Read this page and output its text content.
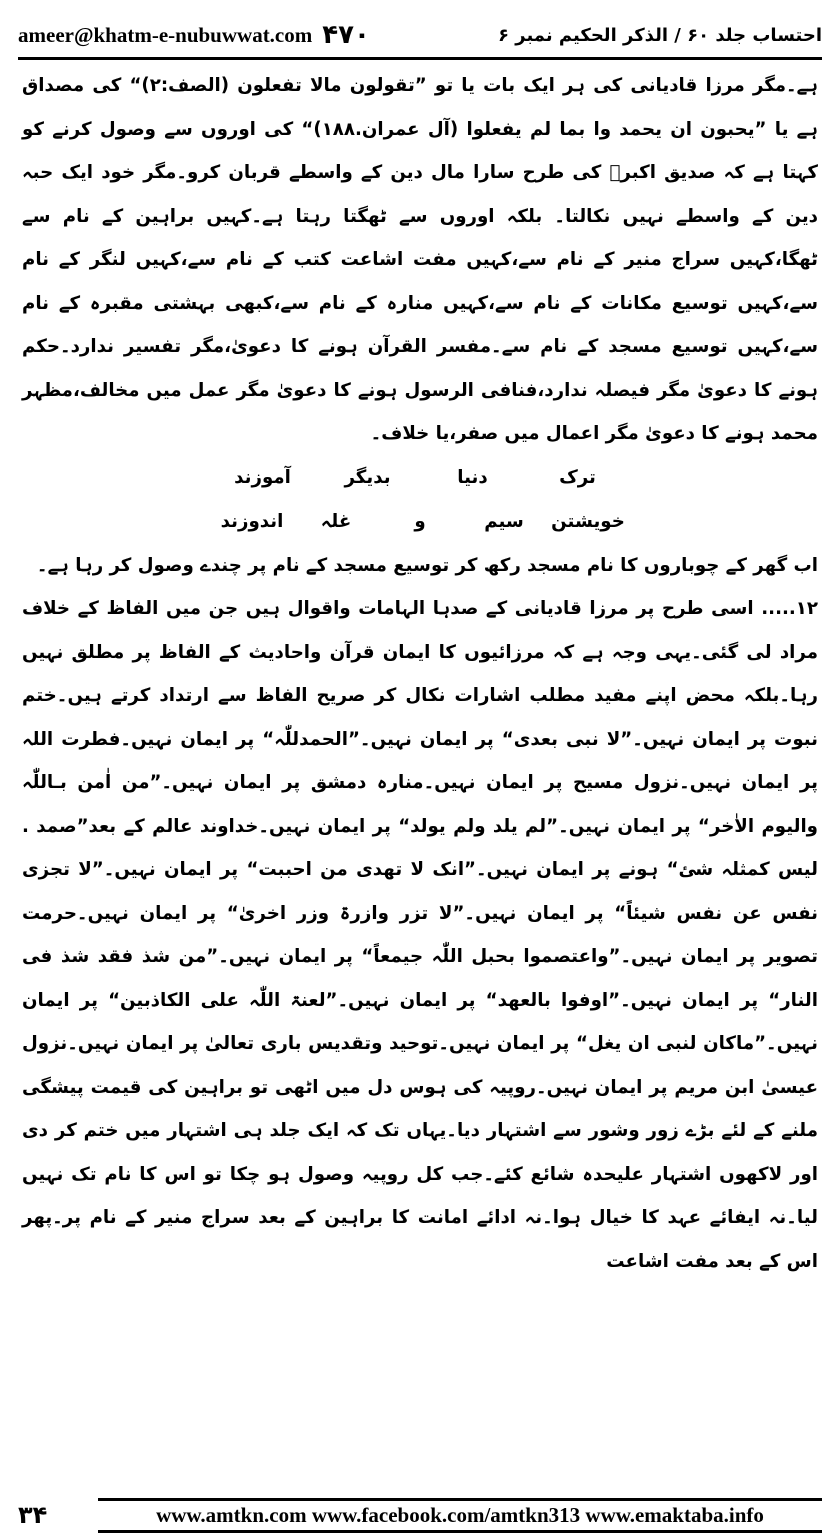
ameer@khatm-e-nubuwwat.com ۴۷۰	احتساب جلد ۶۰ / الذکر الحکیم نمبر ۶

ہے۔مگر مرزا قادیانی کی ہر ایک بات یا تو ”تقولون مالا تفعلون (الصف:۲)“ کی مصداق ہے یا ”یحبون ان یحمد وا بما لم یفعلوا (آل عمران.۱۸۸)“ کی اوروں سے وصول کرنے کو کہتا ہے کہ صدیق اکبرؓ کی طرح سارا مال دین کے واسطے قربان کرو۔مگر خود ایک حبہ دین کے واسطے نہیں نکالتا۔ بلکہ اوروں سے ٹھگتا رہتا ہے۔کہیں براہین کے نام سے ٹھگا،کہیں سراج منیر کے نام سے،کہیں مفت اشاعت کتب کے نام سے،کہیں لنگر کے نام سے،کہیں توسیع مکانات کے نام سے،کہیں منارہ کے نام سے،کبھی بہشتی مقبرہ کے نام سے،کہیں توسیع مسجد کے نام سے۔مفسر القرآن ہونے کا دعویٰ،مگر تفسیر ندارد۔حکم ہونے کا دعویٰ مگر فیصلہ ندارد،فنافی الرسول ہونے کا دعویٰ مگر عمل میں مخالف،مظہر محمد ہونے کا دعویٰ مگر اعمال میں صفر،یا خلاف۔

ترک
دنیا
بدیگر
آموزند
خویشتن
سیم
و
غلہ
اندوزند

اب گھر کے چوباروں کا نام مسجد رکھ کر توسیع مسجد کے نام پر چندے وصول کر رہا ہے۔

۱۲..... اسی طرح پر مرزا قادیانی کے صدہا الہامات واقوال ہیں جن میں الفاظ کے خلاف مراد لی گئی۔یہی وجہ ہے کہ مرزائیوں کا ایمان قرآن واحادیث کے الفاظ پر مطلق نہیں رہا۔بلکہ محض اپنے مفید مطلب اشارات نکال کر صریح الفاظ سے ارتداد کرتے ہیں۔ختم نبوت پر ایمان نہیں۔”لا نبی بعدی“ پر ایمان نہیں۔”الحمدللّٰہ“ پر ایمان نہیں۔فطرت اللہ پر ایمان نہیں۔نزول مسیح پر ایمان نہیں۔منارہ دمشق پر ایمان نہیں۔”من اٰمن بـاللّٰہ والیوم الاٰخر“ پر ایمان نہیں۔”لم یلد ولم یولد“ پر ایمان نہیں۔خداوند عالم کے بعد”صمد . لیس کمثلہ شئ“ ہونے پر ایمان نہیں۔”انک لا تھدی من احببت“ پر ایمان نہیں۔”لا تجزی نفس عن نفس شیئاً“ پر ایمان نہیں۔”لا تزر وازرۃ وزر اخریٰ“ پر ایمان نہیں۔حرمت تصویر پر ایمان نہیں۔”واعتصموا بحبل اللّٰہ جیمعاً“ پر ایمان نہیں۔”من شذ فقد شذ فی النار“ پر ایمان نہیں۔”اوفوا بالعھد“ پر ایمان نہیں۔”لعنۃ اللّٰہ علی الکاذبین“ پر ایمان نہیں۔”ماکان لنبی ان یغل“ پر ایمان نہیں۔توحید وتقدیس باری تعالیٰ پر ایمان نہیں۔نزول عیسیٰ ابن مریم پر ایمان نہیں۔روپیہ کی ہوس دل میں اٹھی تو براہین کی قیمت پیشگی ملنے کے لئے بڑے زور وشور سے اشتہار دیا۔یہاں تک کہ ایک جلد ہی اشتہار میں ختم کر دی اور لاکھوں اشتہار علیحدہ شائع کئے۔جب کل روپیہ وصول ہو چکا تو اس کا نام تک نہیں لیا۔نہ ایفائے عہد کا خیال ہوا۔نہ ادائے امانت کا براہین کے بعد سراج منیر کے نام پر۔پھر اس کے بعد مفت اشاعت

۳۴	www.amtkn.com www.facebook.com/amtkn313 www.emaktaba.info
